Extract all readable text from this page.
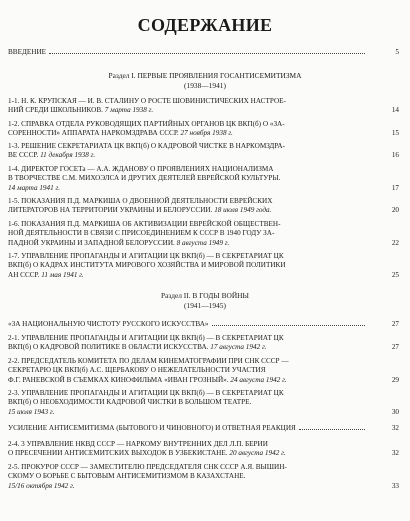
СОДЕРЖАНИЕ
ВВЕДЕНИЕ	5
Раздел I. ПЕРВЫЕ ПРОЯВЛЕНИЯ ГОСАНТИСЕМИТИЗМА
(1938—1941)
1-1. Н. К. КРУПСКАЯ — И. В. СТАЛИНУ О РОСТЕ ШОВИНИСТИЧЕСКИХ НАСТРОЕ-
НИЙ СРЕДИ ШКОЛЬНИКОВ. 7 марта 1938 г.	14
1-2. СПРАВКА ОТДЕЛА РУКОВОДЯЩИХ ПАРТИЙНЫХ ОРГАНОВ ЦК ВКП(б) О «ЗА-
СОРЕННОСТИ» АППАРАТА НАРКОМЗДРАВА СССР. 27 ноября 1938 г.	15
1-3. РЕШЕНИЕ СЕКРЕТАРИАТА ЦК ВКП(б) О КАДРОВОЙ ЧИСТКЕ В НАРКОМЗДРА-
ВЕ СССР. 11 декабря 1938 г.	16
1-4. ДИРЕКТОР ГОСЕТа — А.А. ЖДАНОВУ О ПРОЯВЛЕНИЯХ НАЦИОНАЛИЗМА
В ТВОРЧЕСТВЕ С.М. МИХОЭЛСА И ДРУГИХ ДЕЯТЕЛЕЙ ЕВРЕЙСКОЙ КУЛЬТУРЫ.
14 марта 1941 г.	17
1-5. ПОКАЗАНИЯ П.Д. МАРКИША О ДВОЕННОЙ ДЕЯТЕЛЬНОСТИ ЕВРЕЙСКИХ
ЛИТЕРАТОРОВ НА ТЕРРИТОРИИ УКРАИНЫ И БЕЛОРУССИИ. 18 июля 1949 года.	20
1-6. ПОКАЗАНИЯ П.Д. МАРКИША ОБ АКТИВИЗАЦИИ ЕВРЕЙСКОЙ ОБЩЕСТВЕН-
НОЙ ДЕЯТЕЛЬНОСТИ В СВЯЗИ С ПРИСОЕДИНЕНИЕМ К СССР В 1940 ГОДУ ЗА-
ПАДНОЙ УКРАИНЫ И ЗАПАДНОЙ БЕЛОРУССИИ. 8 августа 1949 г.	22
1-7. УПРАВЛЕНИЕ ПРОПАГАНДЫ И АГИТАЦИИ ЦК ВКП(б) — В СЕКРЕТАРИАТ ЦК
ВКП(б) О КАДРАХ ИНСТИТУТА МИРОВОГО ХОЗЯЙСТВА И МИРОВОЙ ПОЛИТИКИ
АН СССР. 11 мая 1941 г.	25
Раздел II. В ГОДЫ ВОЙНЫ
(1941—1945)
«ЗА НАЦИОНАЛЬНУЮ ЧИСТОТУ РУССКОГО ИСКУССТВА»	27
2-1. УПРАВЛЕНИЕ ПРОПАГАНДЫ И АГИТАЦИИ ЦК ВКП(б) — В СЕКРЕТАРИАТ ЦК
ВКП(б) О КАДРОВОЙ ПОЛИТИКЕ В ОБЛАСТИ ИСКУССТВА. 17 августа 1942 г.	27
2-2. ПРЕДСЕДАТЕЛЬ КОМИТЕТА ПО ДЕЛАМ КИНЕМАТОГРАФИИ ПРИ СНК СССР —
СЕКРЕТАРЮ ЦК ВКП(б) А.С. ЩЕРБАКОВУ О НЕЖЕЛАТЕЛЬНОСТИ УЧАСТИЯ
Ф.Г. РАНЕВСКОЙ В СЪЕМКАХ КИНОФИЛЬМА «ИВАН ГРОЗНЫЙ». 24 августа 1942 г.	29
2-3. УПРАВЛЕНИЕ ПРОПАГАНДЫ И АГИТАЦИИ ЦК ВКП(б) — В СЕКРЕТАРИАТ ЦК
ВКП(б) О НЕОБХОДИМОСТИ КАДРОВОЙ ЧИСТКИ В БОЛЬШОМ ТЕАТРЕ.
15 июля 1943 г.	30
УСИЛЕНИЕ АНТИСЕМИТИЗМА (БЫТОВОГО И ЧИНОВНОГО) И ОТВЕТНАЯ РЕАКЦИЯ	32
2-4. 3 УПРАВЛЕНИЕ НКВД СССР — НАРКОМУ ВНУТРЕННИХ ДЕЛ Л.П. БЕРИИ
О ПРЕСЕЧЕНИИ АНТИСЕМИТСКИХ ВЫХОДОК В УЗБЕКИСТАНЕ. 20 августа 1942 г.	32
2-5. ПРОКУРОР СССР — ЗАМЕСТИТЕЛЮ ПРЕДСЕДАТЕЛЯ СНК СССР А.Я. ВЫШИН-
СКОМУ О БОРЬБЕ С БЫТОВЫМ АНТИСЕМИТИЗМОМ В КАЗАХСТАНЕ.
15/16 октября 1942 г.	33
